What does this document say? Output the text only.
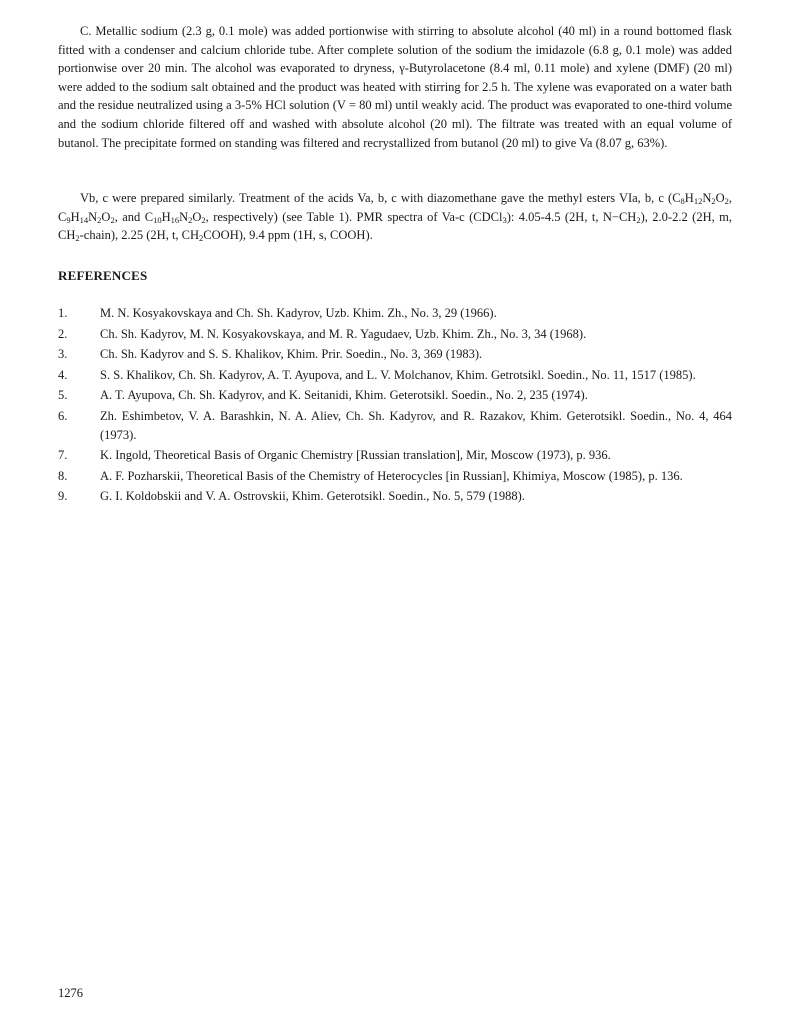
C. Metallic sodium (2.3 g, 0.1 mole) was added portionwise with stirring to absolute alcohol (40 ml) in a round bottomed flask fitted with a condenser and calcium chloride tube. After complete solution of the sodium the imidazole (6.8 g, 0.1 mole) was added portionwise over 20 min. The alcohol was evaporated to dryness, γ-Butyrolacetone (8.4 ml, 0.11 mole) and xylene (DMF) (20 ml) were added to the sodium salt obtained and the product was heated with stirring for 2.5 h. The xylene was evaporated on a water bath and the residue neutralized using a 3-5% HCl solution (V = 80 ml) until weakly acid. The product was evaporated to one-third volume and the sodium chloride filtered off and washed with absolute alcohol (20 ml). The filtrate was treated with an equal volume of butanol. The precipitate formed on standing was filtered and recrystallized from butanol (20 ml) to give Va (8.07 g, 63%).

Vb, c were prepared similarly. Treatment of the acids Va, b, c with diazomethane gave the methyl esters VIa, b, c ($C_8H_{12}N_2O_2$, $C_9H_{14}N_2O_2$, and $C_{10}H_{16}N_2O_2$, respectively) (see Table 1). PMR spectra of Va-c (CDCl$_3$): 4.05-4.5 (2H, t, $N-CH_2$), 2.0-2.2 (2H, m, $CH_2-chain$), 2.25 (2H, t, $CH_2COOH$), 9.4 ppm (1H, s, COOH).

REFERENCES
1.	M. N. Kosyakovskaya and Ch. Sh. Kadyrov, Uzb. Khim. Zh., No. 3, 29 (1966).
2.	Ch. Sh. Kadyrov, M. N. Kosyakovskaya, and M. R. Yagudaev, Uzb. Khim. Zh., No. 3, 34 (1968).
3.	Ch. Sh. Kadyrov and S. S. Khalikov, Khim. Prir. Soedin., No. 3, 369 (1983).
4.	S. S. Khalikov, Ch. Sh. Kadyrov, A. T. Ayupova, and L. V. Molchanov, Khim. Getrotsikl. Soedin., No. 11, 1517 (1985).
5.	A. T. Ayupova, Ch. Sh. Kadyrov, and K. Seitanidi, Khim. Geterotsikl. Soedin., No. 2, 235 (1974).
6.	Zh. Eshimbetov, V. A. Barashkin, N. A. Aliev, Ch. Sh. Kadyrov, and R. Razakov, Khim. Geterotsikl. Soedin., No. 4, 464 (1973).
7.	K. Ingold, Theoretical Basis of Organic Chemistry [Russian translation], Mir, Moscow (1973), p. 936.
8.	A. F. Pozharskii, Theoretical Basis of the Chemistry of Heterocycles [in Russian], Khimiya, Moscow (1985), p. 136.
9.	G. I. Koldobskii and V. A. Ostrovskii, Khim. Geterotsikl. Soedin., No. 5, 579 (1988).
1276
